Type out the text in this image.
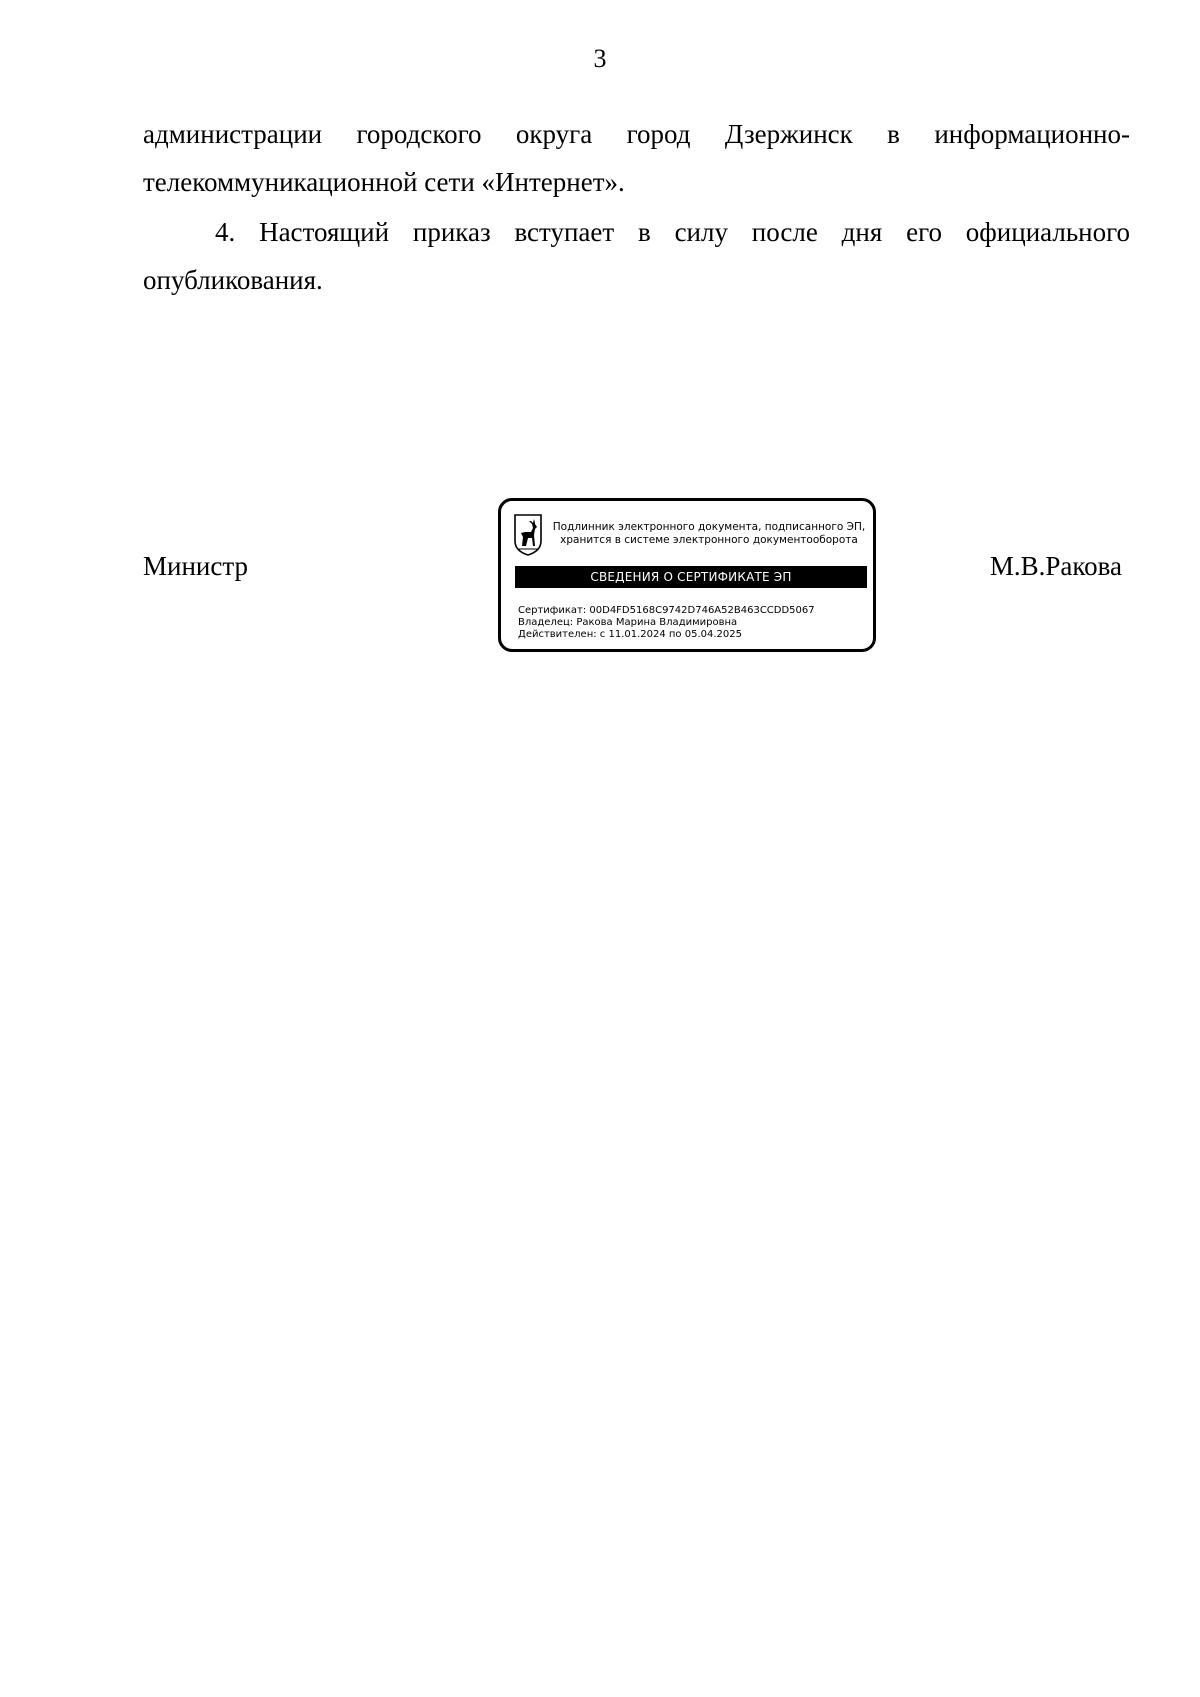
3

администрации городского округа город Дзержинск в информационно-телекоммуникационной сети «Интернет».

4. Настоящий приказ вступает в силу после дня его официального опубликования.

Министр	М.В.Ракова
Подлинник электронного документа, подписанного ЭП,
хранится в системе электронного документооборота
СВЕДЕНИЯ О СЕРТИФИКАТЕ ЭП
Сертификат: 00D4FD5168C9742D746A52B463CCDD5067
Владелец: Ракова Марина Владимировна
Действителен: с 11.01.2024 по 05.04.2025
